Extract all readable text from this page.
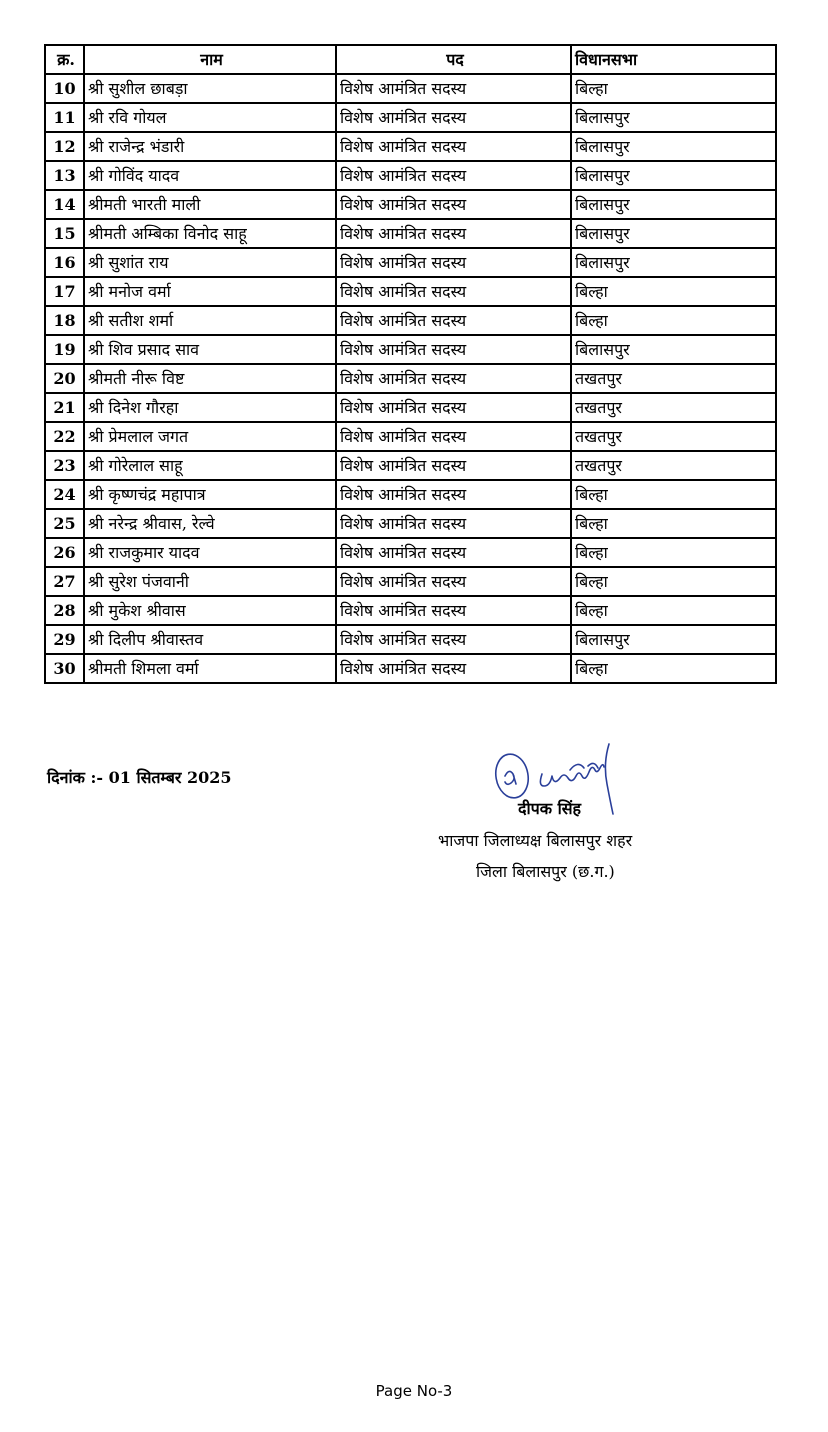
क्र.	नाम	पद	विधानसभा
10	श्री सुशील छाबड़ा	विशेष आमंत्रित सदस्य	बिल्हा
11	श्री रवि गोयल	विशेष आमंत्रित सदस्य	बिलासपुर
12	श्री राजेन्द्र भंडारी	विशेष आमंत्रित सदस्य	बिलासपुर
13	श्री गोविंद यादव	विशेष आमंत्रित सदस्य	बिलासपुर
14	श्रीमती भारती माली	विशेष आमंत्रित सदस्य	बिलासपुर
15	श्रीमती अम्बिका विनोद साहू	विशेष आमंत्रित सदस्य	बिलासपुर
16	श्री सुशांत राय	विशेष आमंत्रित सदस्य	बिलासपुर
17	श्री मनोज वर्मा	विशेष आमंत्रित सदस्य	बिल्हा
18	श्री सतीश शर्मा	विशेष आमंत्रित सदस्य	बिल्हा
19	श्री शिव प्रसाद साव	विशेष आमंत्रित सदस्य	बिलासपुर
20	श्रीमती नीरू विष्ट	विशेष आमंत्रित सदस्य	तखतपुर
21	श्री दिनेश गौरहा	विशेष आमंत्रित सदस्य	तखतपुर
22	श्री प्रेमलाल जगत	विशेष आमंत्रित सदस्य	तखतपुर
23	श्री गोरेलाल साहू	विशेष आमंत्रित सदस्य	तखतपुर
24	श्री कृष्णचंद्र महापात्र	विशेष आमंत्रित सदस्य	बिल्हा
25	श्री नरेन्द्र श्रीवास, रेल्वे	विशेष आमंत्रित सदस्य	बिल्हा
26	श्री राजकुमार यादव	विशेष आमंत्रित सदस्य	बिल्हा
27	श्री सुरेश पंजवानी	विशेष आमंत्रित सदस्य	बिल्हा
28	श्री मुकेश श्रीवास	विशेष आमंत्रित सदस्य	बिल्हा
29	श्री दिलीप श्रीवास्तव	विशेष आमंत्रित सदस्य	बिलासपुर
30	श्रीमती शिमला वर्मा	विशेष आमंत्रित सदस्य	बिल्हा
दिनांक :- 01 सितम्बर 2025
दीपक सिंह
भाजपा जिलाध्यक्ष बिलासपुर शहर
जिला बिलासपुर (छ.ग.)
Page No-3
